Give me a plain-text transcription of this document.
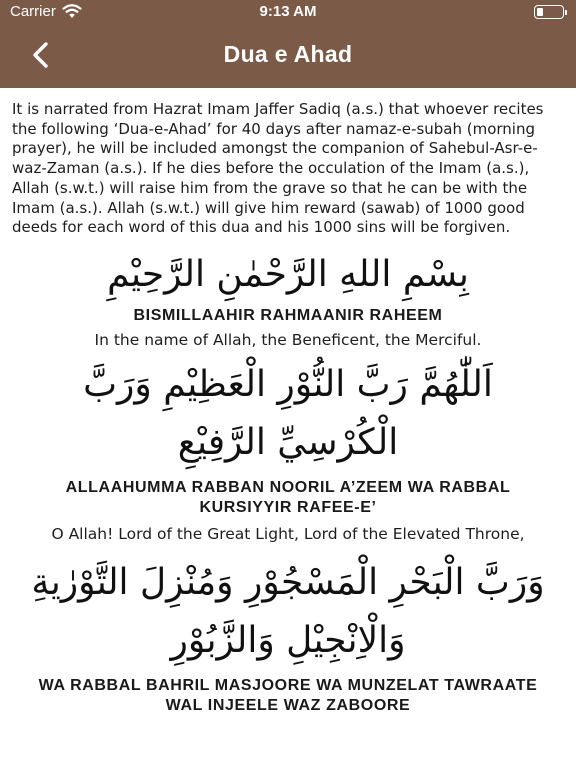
Carrier	9:13 AM
Dua e Ahad

It is narrated from Hazrat Imam Jaffer Sadiq (a.s.) that whoever recites the following ‘Dua-e-Ahad’ for 40 days after namaz-e-subah (morning prayer), he will be included amongst the companion of Sahebul-Asr-e-waz-Zaman (a.s.). If he dies before the occulation of the Imam (a.s.), Allah (s.w.t.) will raise him from the grave so that he can be with the Imam (a.s.). Allah (s.w.t.) will give him reward (sawab) of 1000 good deeds for each word of this dua and his 1000 sins will be forgiven.

بِسْمِ اللهِ الرَّحْمٰنِ الرَّحِيْمِ
BISMILLAAHIR RAHMAANIR RAHEEM
In the name of Allah, the Beneficent, the Merciful.
اَللّٰهُمَّ رَبَّ النُّوْرِ الْعَظِيْمِ وَرَبَّ الْكُرْسِيِّ الرَّفِيْعِ
ALLAAHUMMA RABBAN NOORIL A’ZEEM WA RABBAL KURSIYYIR RAFEE-E’
O Allah! Lord of the Great Light, Lord of the Elevated Throne,
وَرَبَّ الْبَحْرِ الْمَسْجُوْرِ وَمُنْزِلَ التَّوْرٰيةِ وَالْاِنْجِيْلِ وَالزَّبُوْرِ
WA RABBAL BAHRIL MASJOORE WA MUNZELAT TAWRAATE WAL INJEELE WAZ ZABOORE
